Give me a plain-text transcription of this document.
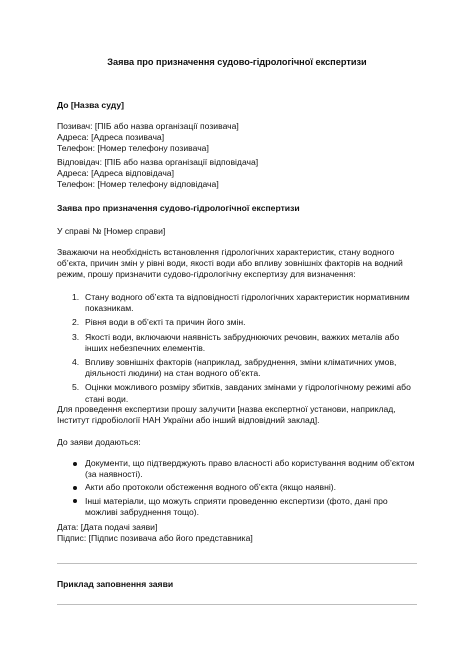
Заява про призначення судово-гідрологічної експертизи
До [Назва суду]
Позивач: [ПІБ або назва організації позивача]
Адреса: [Адреса позивача]
Телефон: [Номер телефону позивача]
Відповідач: [ПІБ або назва організації відповідача]
Адреса: [Адреса відповідача]
Телефон: [Номер телефону відповідача]
Заява про призначення судово-гідрологічної експертизи
У справі № [Номер справи]
Зважаючи на необхідність встановлення гідрологічних характеристик, стану водного об’єкта, причин змін у рівні води, якості води або впливу зовнішніх факторів на водний режим, прошу призначити судово-гідрологічну експертизу для визначення:
1. Стану водного об’єкта та відповідності гідрологічних характеристик нормативним показникам.
2. Рівня води в об’єкті та причин його змін.
3. Якості води, включаючи наявність забруднюючих речовин, важких металів або інших небезпечних елементів.
4. Впливу зовнішніх факторів (наприклад, забруднення, зміни кліматичних умов, діяльності людини) на стан водного об’єкта.
5. Оцінки можливого розміру збитків, завданих змінами у гідрологічному режимі або стані води.
Для проведення експертизи прошу залучити [назва експертної установи, наприклад, Інститут гідробіології НАН України або інший відповідний заклад].
До заяви додаються:
Документи, що підтверджують право власності або користування водним об’єктом (за наявності).
Акти або протоколи обстеження водного об’єкта (якщо наявні).
Інші матеріали, що можуть сприяти проведенню експертизи (фото, дані про можливі забруднення тощо).
Дата: [Дата подачі заяви]
Підпис: [Підпис позивача або його представника]
Приклад заповнення заяви
